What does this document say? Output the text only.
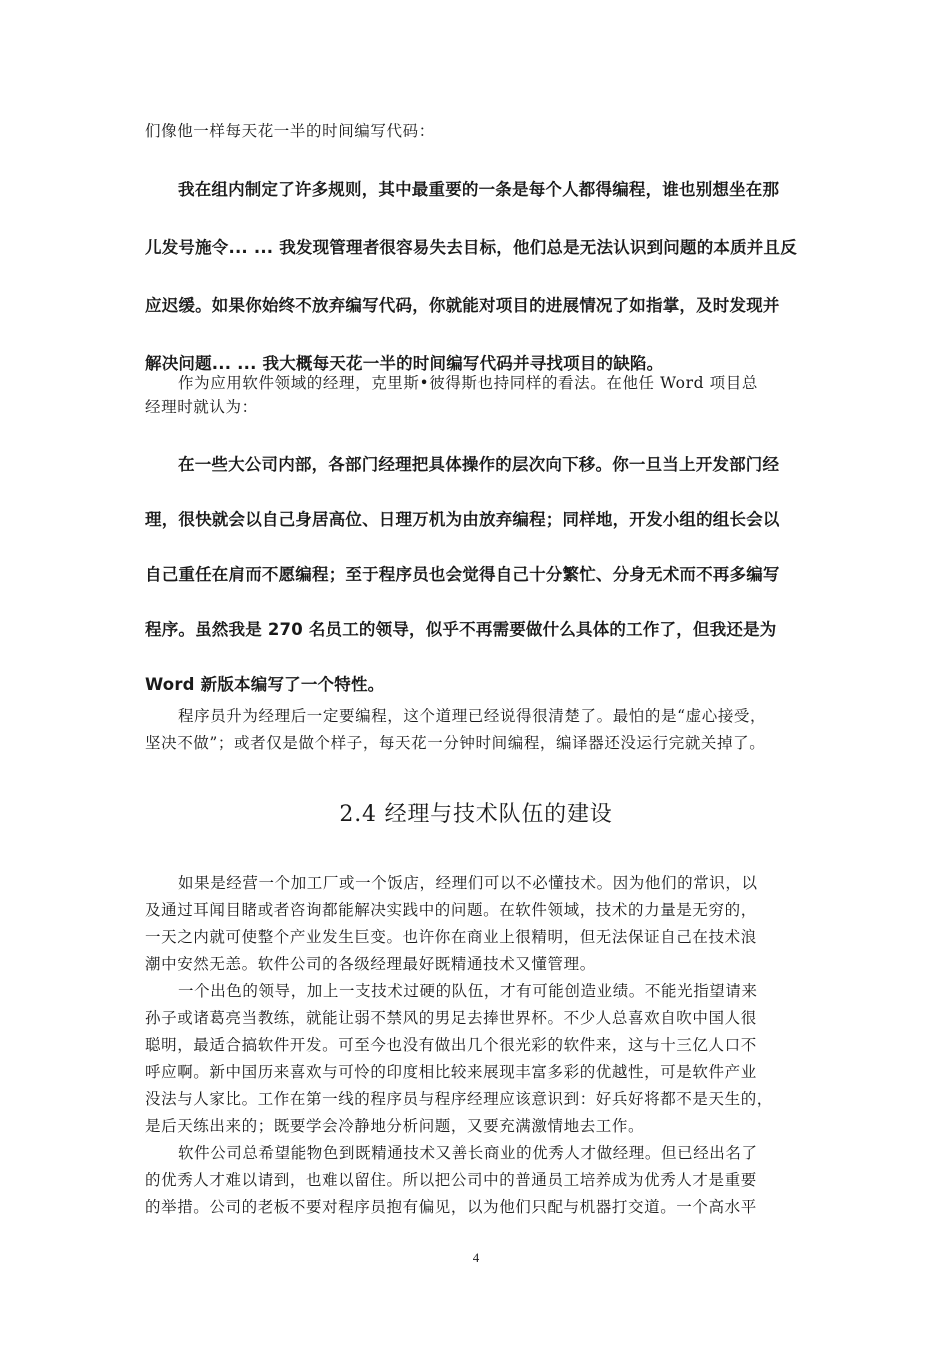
们像他一样每天花一半的时间编写代码：
我在组内制定了许多规则，其中最重要的一条是每个人都得编程，谁也别想坐在那
儿发号施令... ... 我发现管理者很容易失去目标，他们总是无法认识到问题的本质并且反
应迟缓。如果你始终不放弃编写代码，你就能对项目的进展情况了如指掌，及时发现并
解决问题... ... 我大概每天花一半的时间编写代码并寻找项目的缺陷。
作为应用软件领域的经理，克里斯•彼得斯也持同样的看法。在他任 Word 项目总
经理时就认为：
在一些大公司内部，各部门经理把具体操作的层次向下移。你一旦当上开发部门经
理，很快就会以自己身居高位、日理万机为由放弃编程；同样地，开发小组的组长会以
自己重任在肩而不愿编程；至于程序员也会觉得自己十分繁忙、分身无术而不再多编写
程序。虽然我是 270 名员工的领导，似乎不再需要做什么具体的工作了，但我还是为
Word 新版本编写了一个特性。
程序员升为经理后一定要编程，这个道理已经说得很清楚了。最怕的是“虚心接受，
坚决不做”；或者仅是做个样子，每天花一分钟时间编程，编译器还没运行完就关掉了。
2.4 经理与技术队伍的建设
如果是经营一个加工厂或一个饭店，经理们可以不必懂技术。因为他们的常识，以
及通过耳闻目睹或者咨询都能解决实践中的问题。在软件领域，技术的力量是无穷的，
一天之内就可使整个产业发生巨变。也许你在商业上很精明，但无法保证自己在技术浪
潮中安然无恙。软件公司的各级经理最好既精通技术又懂管理。
一个出色的领导，加上一支技术过硬的队伍，才有可能创造业绩。不能光指望请来
孙子或诸葛亮当教练，就能让弱不禁风的男足去捧世界杯。不少人总喜欢自吹中国人很
聪明，最适合搞软件开发。可至今也没有做出几个很光彩的软件来，这与十三亿人口不
呼应啊。新中国历来喜欢与可怜的印度相比较来展现丰富多彩的优越性，可是软件产业
没法与人家比。工作在第一线的程序员与程序经理应该意识到：好兵好将都不是天生的，
是后天练出来的；既要学会冷静地分析问题，又要充满激情地去工作。
软件公司总希望能物色到既精通技术又善长商业的优秀人才做经理。但已经出名了
的优秀人才难以请到，也难以留住。所以把公司中的普通员工培养成为优秀人才是重要
的举措。公司的老板不要对程序员抱有偏见，以为他们只配与机器打交道。一个高水平
4
